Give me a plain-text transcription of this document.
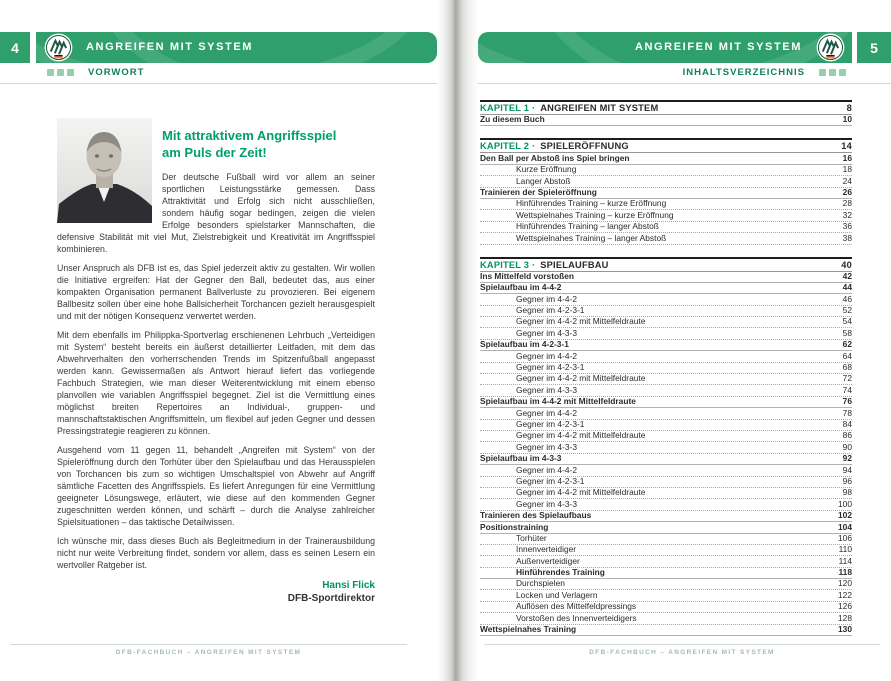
4	ANGREIFEN MIT SYSTEM
VORWORT
Mit attraktivem Angriffsspiel
am Puls der Zeit!

Der deutsche Fußball wird vor allem an seiner sportlichen Leistungsstärke gemessen. Dass Attraktivität und Erfolg sich nicht ausschließen, sondern häufig sogar bedingen, zeigen die vielen Erfolge besonders spielstarker Mannschaften, die defensive Stabilität mit viel Mut, Zielstrebigkeit und Kreativität im Angriffsspiel kombinieren.

Unser Anspruch als DFB ist es, das Spiel jederzeit aktiv zu gestalten. Wir wollen die Initiative ergreifen: Hat der Gegner den Ball, bedeutet das, aus einer kompakten Organisation permanent Ballverluste zu provozieren. Bei eigenem Ballbesitz sollen über eine hohe Ballsicherheit Torchancen gezielt herausgespielt und mit der nötigen Konsequenz verwertet werden.

Mit dem ebenfalls im Philippka-Sportverlag erschienenen Lehrbuch „Verteidigen mit System“ besteht bereits ein äußerst detaillierter Leitfaden, mit dem das Abwehrverhalten den vorherrschenden Trends im Spitzenfußball angepasst werden kann. Gewissermaßen als Antwort hierauf liefert das vorliegende Fachbuch Strategien, wie man dieser Weiterentwicklung mit einem ebenso planvollen wie variablen Angriffsspiel begegnet. Ziel ist die Vermittlung eines möglichst breiten Repertoires an Individual-, gruppen- und mannschaftstaktischen Angriffsmitteln, um flexibel auf jeden Gegner und dessen Pressingstrategie reagieren zu können.

Ausgehend vom 11 gegen 11, behandelt „Angreifen mit System“ von der Spieleröffnung durch den Torhüter über den Spielaufbau und das Herausspielen von Torchancen bis zum so wichtigen Umschaltspiel von Abwehr auf Angriff sämtliche Facetten des Angriffsspiels. Es liefert Anregungen für eine Vermittlung geeigneter Lösungswege, erläutert, wie diese auf den kommenden Gegner zugeschnitten werden können, und schärft – durch die Analyse zahlreicher Spielsituationen – das taktische Detailwissen.

Ich wünsche mir, dass dieses Buch als Begleitmedium in der Trainerausbildung nicht nur weite Verbreitung findet, sondern vor allem, dass es seinen Lesern ein wertvoller Ratgeber ist.

Hansi Flick
DFB-Sportdirektor
DFB-FACHBUCH – ANGREIFEN MIT SYSTEM
5
ANGREIFEN MIT SYSTEM
INHALTSVERZEICHNIS
KAPITEL 1 · ANGREIFEN MIT SYSTEM	8
Zu diesem Buch	10
KAPITEL 2 · SPIELERÖFFNUNG	14
Den Ball per Abstoß ins Spiel bringen	16
Kurze Eröffnung	18
Langer Abstoß	24
Trainieren der Spieleröffnung	26
Hinführendes Training – kurze Eröffnung	28
Wettspielnahes Training – kurze Eröffnung	32
Hinführendes Training – langer Abstoß	36
Wettspielnahes Training – langer Abstoß	38
KAPITEL 3 · SPIELAUFBAU	40
Ins Mittelfeld vorstoßen	42
Spielaufbau im 4-4-2	44
Gegner im 4-4-2	46
Gegner im 4-2-3-1	52
Gegner im 4-4-2 mit Mittelfeldraute	54
Gegner im 4-3-3	58
Spielaufbau im 4-2-3-1	62
Gegner im 4-4-2	64
Gegner im 4-2-3-1	68
Gegner im 4-4-2 mit Mittelfeldraute	72
Gegner im 4-3-3	74
Spielaufbau im 4-4-2 mit Mittelfeldraute	76
Gegner im 4-4-2	78
Gegner im 4-2-3-1	84
Gegner im 4-4-2 mit Mittelfeldraute	86
Gegner im 4-3-3	90
Spielaufbau im 4-3-3	92
Gegner im 4-4-2	94
Gegner im 4-2-3-1	96
Gegner im 4-4-2 mit Mittelfeldraute	98
Gegner im 4-3-3	100
Trainieren des Spielaufbaus	102
Positionstraining	104
Torhüter	106
Innenverteidiger	110
Außenverteidiger	114
Hinführendes Training	118
Durchspielen	120
Locken und Verlagern	122
Auflösen des Mittelfeldpressings	126
Vorstoßen des Innenverteidigers	128
Wettspielnahes Training	130
DFB-FACHBUCH – ANGREIFEN MIT SYSTEM
